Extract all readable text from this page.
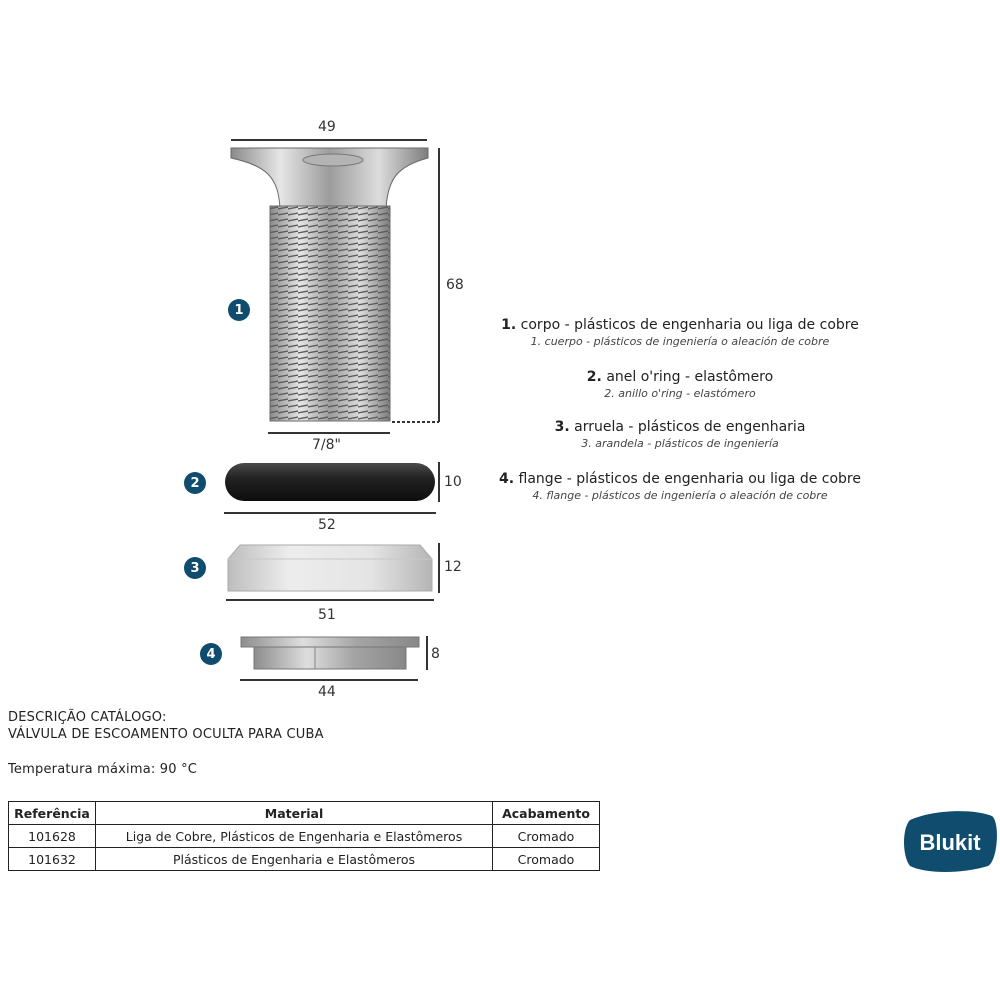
49
68
7/8"
1
10
52
2
12
51
3
8
44
4
1. corpo - plásticos de engenharia ou liga de cobre
1. cuerpo - plásticos de ingeniería o aleación de cobre
2. anel o'ring - elastômero
2. anillo o'ring - elastómero
3. arruela - plásticos de engenharia
3. arandela - plásticos de ingeniería
4. flange - plásticos de engenharia ou liga de cobre
4. flange - plásticos de ingeniería o aleación de cobre
DESCRIÇÃO CATÁLOGO:
VÁLVULA DE ESCOAMENTO OCULTA PARA CUBA
Temperatura máxima: 90 °C
Referência	Material	Acabamento
101628	Liga de Cobre, Plásticos de Engenharia e Elastômeros	Cromado
101632	Plásticos de Engenharia e Elastômeros	Cromado
Blukit
